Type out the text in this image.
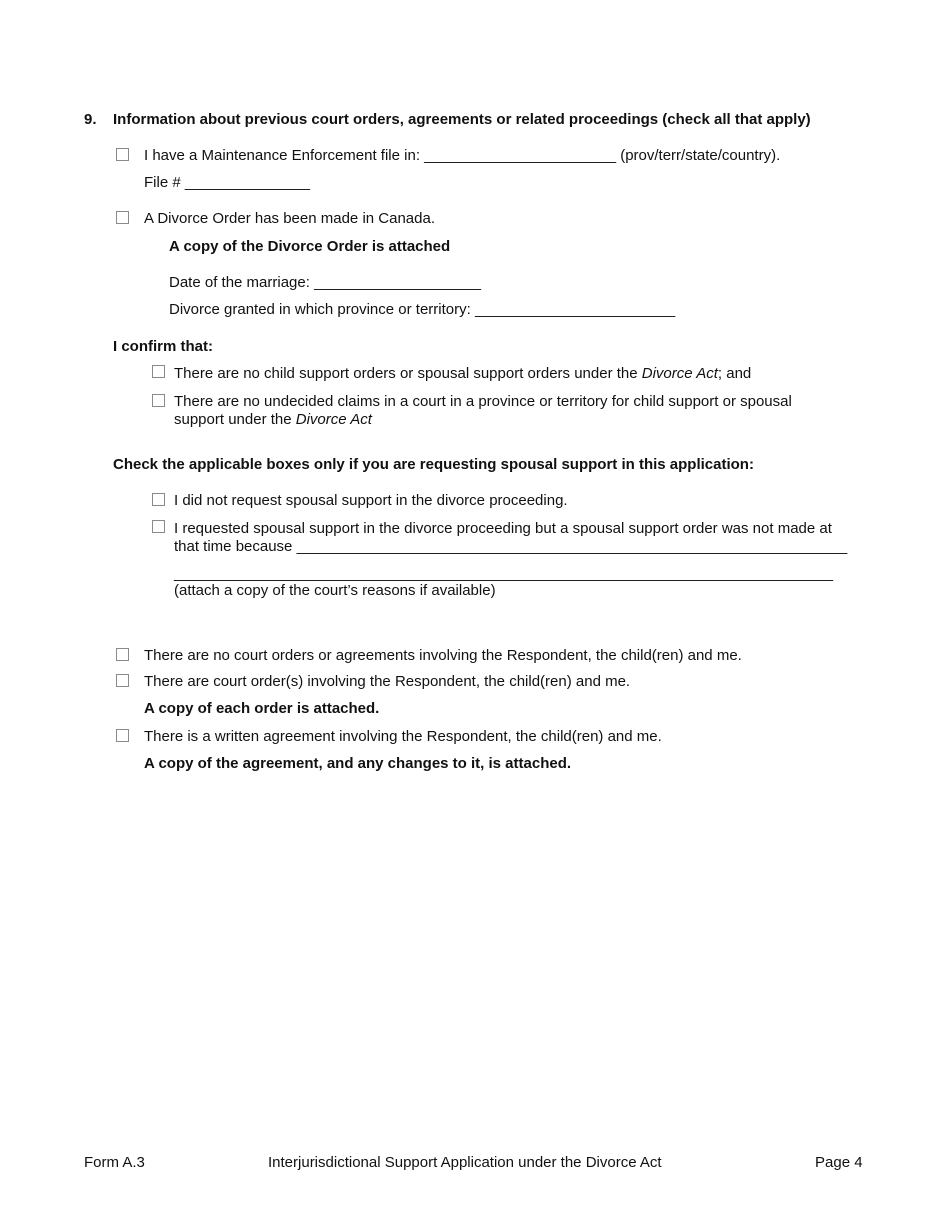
9. Information about previous court orders, agreements or related proceedings (check all that apply)
I have a Maintenance Enforcement file in: _______________________ (prov/terr/state/country).
File # _______________
A Divorce Order has been made in Canada.
A copy of the Divorce Order is attached
Date of the marriage: ____________________
Divorce granted in which province or territory: ________________________
I confirm that:
There are no child support orders or spousal support orders under the Divorce Act; and
There are no undecided claims in a court in a province or territory for child support or spousal support under the Divorce Act
Check the applicable boxes only if you are requesting spousal support in this application:
I did not request spousal support in the divorce proceeding.
I requested spousal support in the divorce proceeding but a spousal support order was not made at
that time because __________________________________________________________________
_______________________________________________________________________________
(attach a copy of the court’s reasons if available)
There are no court orders or agreements involving the Respondent, the child(ren) and me.
There are court order(s) involving the Respondent, the child(ren) and me.
A copy of each order is attached.
There is a written agreement involving the Respondent, the child(ren) and me.
A copy of the agreement, and any changes to it, is attached.
Form A.3	Interjurisdictional Support Application under the Divorce Act	Page 4
